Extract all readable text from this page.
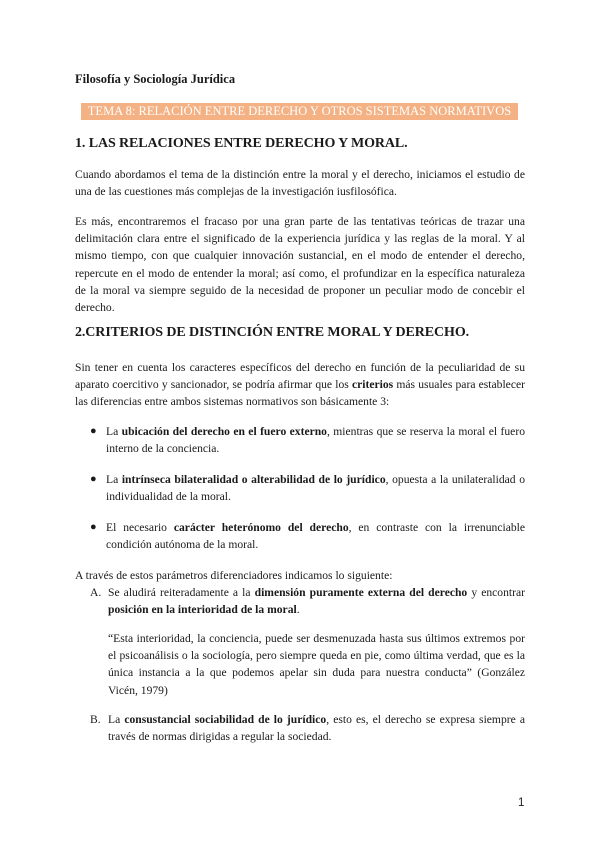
Filosofía y Sociología Jurídica
TEMA 8: RELACIÓN ENTRE DERECHO Y OTROS SISTEMAS NORMATIVOS
1. LAS RELACIONES ENTRE DERECHO Y MORAL.

Cuando abordamos el tema de la distinción entre la moral y el derecho, iniciamos el estudio de una de las cuestiones más complejas de la investigación iusfilosófica.

Es más, encontraremos el fracaso por una gran parte de las tentativas teóricas de trazar una delimitación clara entre el significado de la experiencia jurídica y las reglas de la moral. Y al mismo tiempo, con que cualquier innovación sustancial, en el modo de entender el derecho, repercute en el modo de entender la moral; así como, el profundizar en la específica naturaleza de la moral va siempre seguido de la necesidad de proponer un peculiar modo de concebir el derecho.

2.CRITERIOS DE DISTINCIÓN ENTRE MORAL Y DERECHO.

Sin tener en cuenta los caracteres específicos del derecho en función de la peculiaridad de su aparato coercitivo y sancionador, se podría afirmar que los criterios más usuales para establecer las diferencias entre ambos sistemas normativos son básicamente 3:

● La ubicación del derecho en el fuero externo, mientras que se reserva la moral el fuero interno de la conciencia.
● La intrínseca bilateralidad o alterabilidad de lo jurídico, opuesta a la unilateralidad o individualidad de la moral.
● El necesario carácter heterónomo del derecho, en contraste con la irrenunciable condición autónoma de la moral.
A través de estos parámetros diferenciadores indicamos lo siguiente:
A. Se aludirá reiteradamente a la dimensión puramente externa del derecho y encontrar posición en la interioridad de la moral.

“Esta interioridad, la conciencia, puede ser desmenuzada hasta sus últimos extremos por el psicoanálisis o la sociología, pero siempre queda en pie, como última verdad, que es la única instancia a la que podemos apelar sin duda para nuestra conducta” (González Vicén, 1979)

B. La consustancial sociabilidad de lo jurídico, esto es, el derecho se expresa siempre a través de normas dirigidas a regular la sociedad.
1
